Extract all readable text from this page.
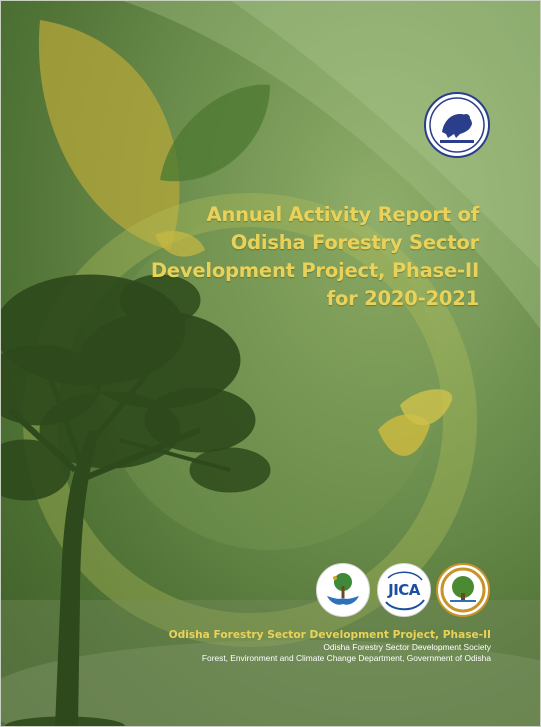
Annual Activity Report of
Odisha Forestry Sector
Development Project, Phase-II
for 2020-2021
JICA
Odisha Forestry Sector Development Project, Phase-II
Odisha Forestry Sector Development Society
Forest, Environment and Climate Change Department, Government of Odisha
